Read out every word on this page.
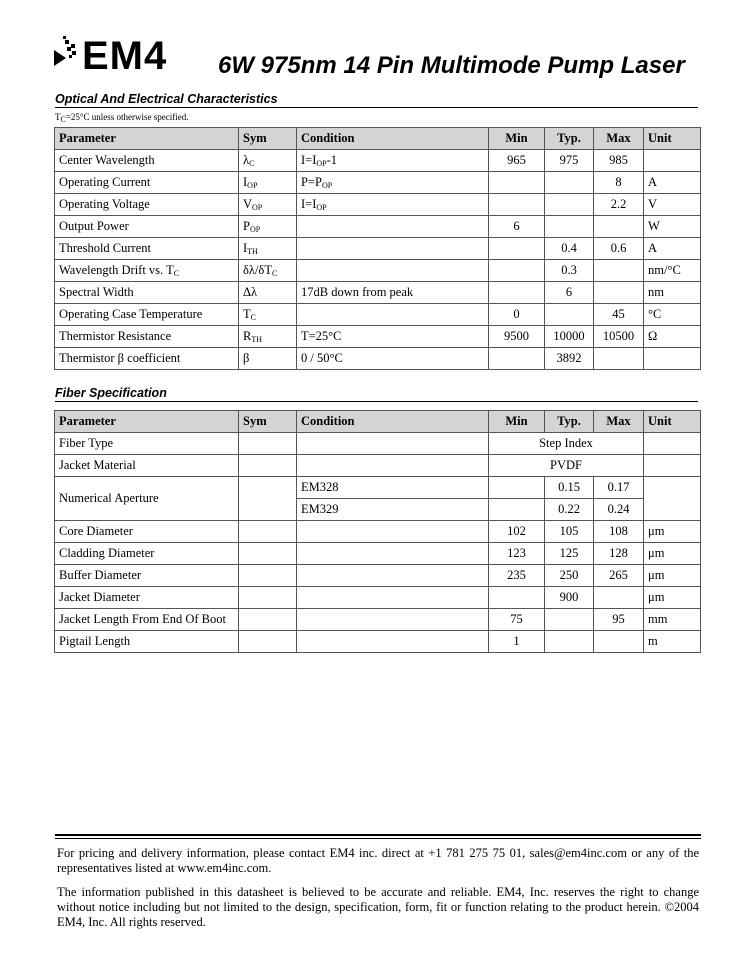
EM4 6W 975nm 14 Pin Multimode Pump Laser
Optical And Electrical Characteristics
$T_C=25^\circ C$ unless otherwise specified.
Parameter	Sym	Condition	Min	Typ.	Max	Unit
Center Wavelength	$\lambda_C$	$I=I_{OP}-1$	965	975	985	
Operating Current	$I_{OP}$	$P=P_{OP}$			8	A
Operating Voltage	$V_{OP}$	$I=I_{OP}$			2.2	V
Output Power	$P_{OP}$		6			W
Threshold Current	$I_{TH}$			0.4	0.6	A
Wavelength Drift vs. $T_C$	$\delta\lambda/\delta T_C$			0.3		nm/°C
Spectral Width	Δλ	17dB down from peak		6		nm
Operating Case Temperature	$T_C$		0		45	°C
Thermistor Resistance	$R_{TH}$	T=25°C	9500	10000	10500	Ω
Thermistor β coefficient	β	0 / 50°C		3892		
Fiber Specification
Parameter	Sym	Condition	Min	Typ.	Max	Unit
Fiber Type			Step Index			
Jacket Material			PVDF			
Numerical Aperture		EM328		0.15	0.17	
		EM329		0.22	0.24	
Core Diameter			102	105	108	μm
Cladding Diameter			123	125	128	μm
Buffer Diameter			235	250	265	μm
Jacket Diameter				900		μm
Jacket Length From End Of Boot			75		95	mm
Pigtail Length			1			m
For pricing and delivery information, please contact EM4 inc. direct at +1 781 275 75 01, sales@em4inc.com or any of the representatives listed at www.em4inc.com.
The information published in this datasheet is believed to be accurate and reliable. EM4, Inc. reserves the right to change without notice including but not limited to the design, specification, form, fit or function relating to the product herein. ©2004 EM4, Inc. All rights reserved.
